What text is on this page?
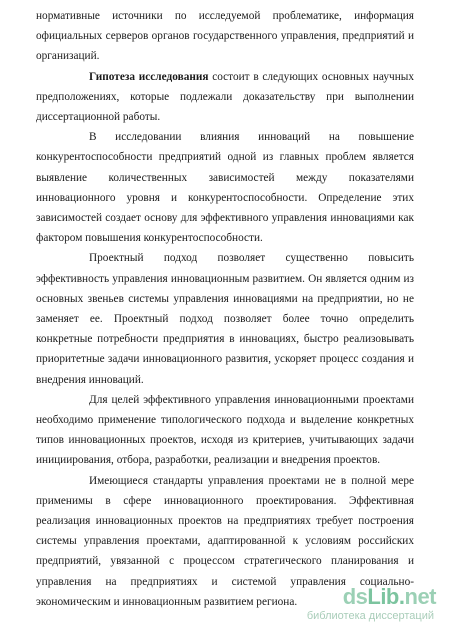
нормативные источники по исследуемой проблематике, информация официальных серверов органов государственного управления, предприятий и организаций.

Гипотеза исследования состоит в следующих основных научных предположениях, которые подлежали доказательству при выполнении диссертационной работы.

В исследовании влияния инноваций на повышение конкурентоспособности предприятий одной из главных проблем является выявление количественных зависимостей между показателями инновационного уровня и конкурентоспособности. Определение этих зависимостей создает основу для эффективного управления инновациями как фактором повышения конкурентоспособности.

Проектный подход позволяет существенно повысить эффективность управления инновационным развитием. Он является одним из основных звеньев системы управления инновациями на предприятии, но не заменяет ее. Проектный подход позволяет более точно определить конкретные потребности предприятия в инновациях, быстро реализовывать приоритетные задачи инновационного развития, ускоряет процесс создания и внедрения инноваций.

Для целей эффективного управления инновационными проектами необходимо применение типологического подхода и выделение конкретных типов инновационных проектов, исходя из критериев, учитывающих задачи инициирования, отбора, разработки, реализации и внедрения проектов.

Имеющиеся стандарты управления проектами не в полной мере применимы в сфере инновационного проектирования. Эффективная реализация инновационных проектов на предприятиях требует построения системы управления проектами, адаптированной к условиям российских предприятий, увязанной с процессом стратегического планирования и управления на предприятиях и системой управления социально-экономическим и инновационным развитием региона.	dsLib.net
библиотека диссертаций
